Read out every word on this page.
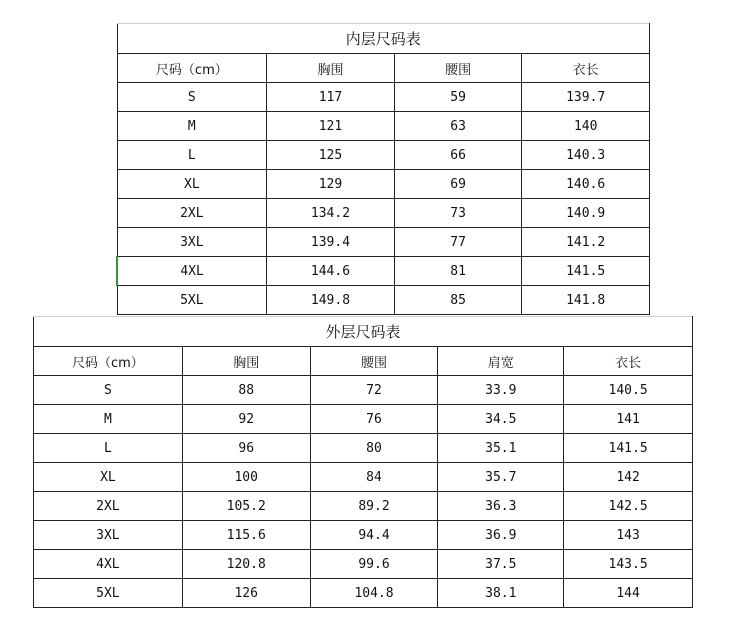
内层尺码表			
尺码（cm）	胸围	腰围	衣长
S	117	59	139.7
M	121	63	140
L	125	66	140.3
XL	129	69	140.6
2XL	134.2	73	140.9
3XL	139.4	77	141.2
4XL	144.6	81	141.5
5XL	149.8	85	141.8
外层尺码表				
尺码（cm）	胸围	腰围	肩宽	衣长
S	88	72	33.9	140.5
M	92	76	34.5	141
L	96	80	35.1	141.5
XL	100	84	35.7	142
2XL	105.2	89.2	36.3	142.5
3XL	115.6	94.4	36.9	143
4XL	120.8	99.6	37.5	143.5
5XL	126	104.8	38.1	144
